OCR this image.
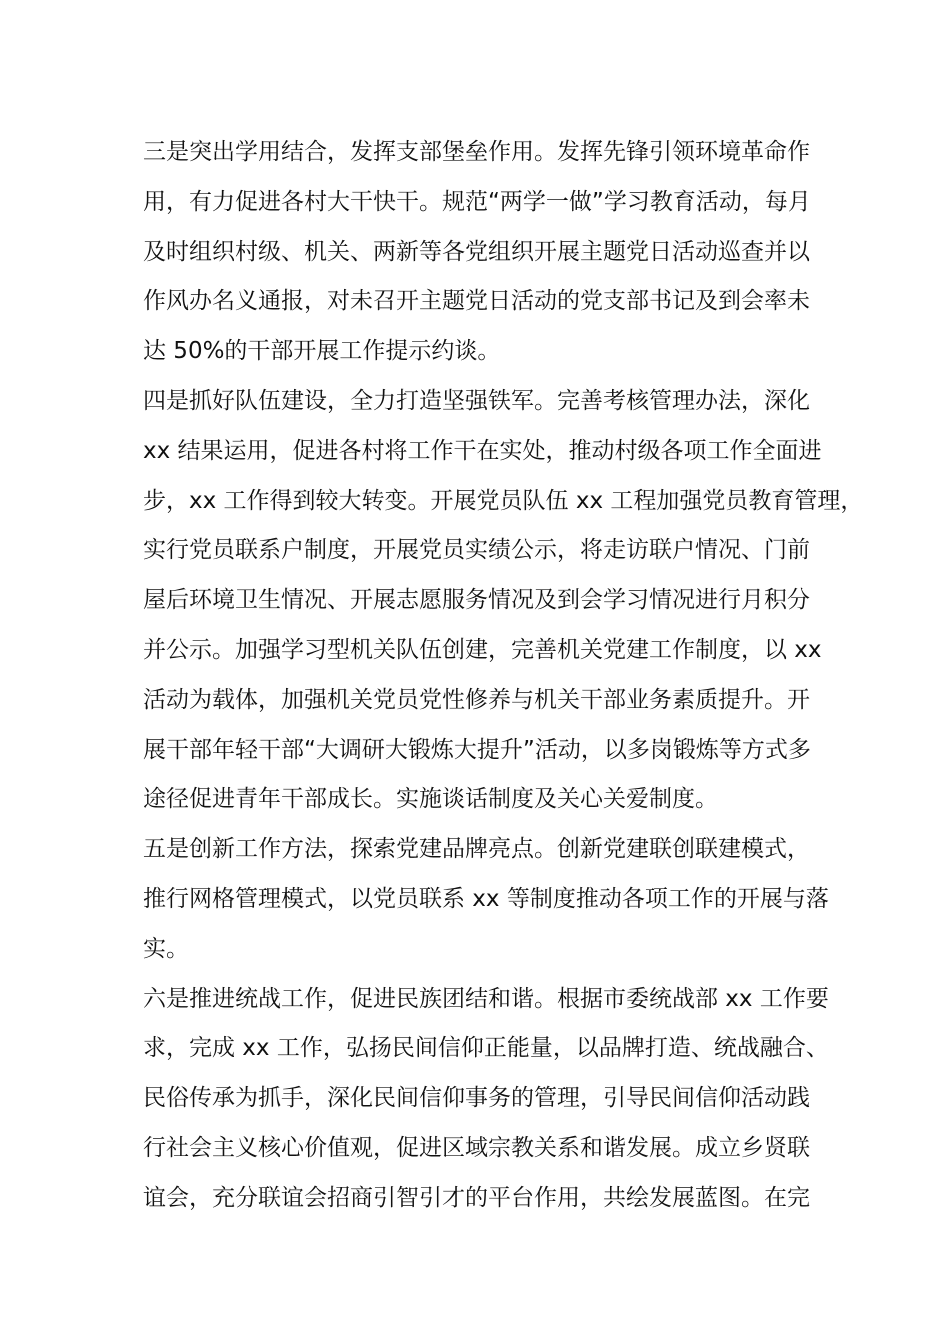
三是突出学用结合，发挥支部堡垒作用。发挥先锋引领环境革命作
用，有力促进各村大干快干。规范“两学一做”学习教育活动，每月
及时组织村级、机关、两新等各党组织开展主题党日活动巡查并以
作风办名义通报，对未召开主题党日活动的党支部书记及到会率未
达 50%的干部开展工作提示约谈。
四是抓好队伍建设，全力打造坚强铁军。完善考核管理办法，深化
xx 结果运用，促进各村将工作干在实处，推动村级各项工作全面进
步，xx 工作得到较大转变。开展党员队伍 xx 工程加强党员教育管理，
实行党员联系户制度，开展党员实绩公示，将走访联户情况、门前
屋后环境卫生情况、开展志愿服务情况及到会学习情况进行月积分
并公示。加强学习型机关队伍创建，完善机关党建工作制度，以 xx
活动为载体，加强机关党员党性修养与机关干部业务素质提升。开
展干部年轻干部“大调研大锻炼大提升”活动，以多岗锻炼等方式多
途径促进青年干部成长。实施谈话制度及关心关爱制度。
五是创新工作方法，探索党建品牌亮点。创新党建联创联建模式，
推行网格管理模式，以党员联系 xx 等制度推动各项工作的开展与落
实。
六是推进统战工作，促进民族团结和谐。根据市委统战部 xx 工作要
求，完成 xx 工作，弘扬民间信仰正能量，以品牌打造、统战融合、
民俗传承为抓手，深化民间信仰事务的管理，引导民间信仰活动践
行社会主义核心价值观，促进区域宗教关系和谐发展。成立乡贤联
谊会，充分联谊会招商引智引才的平台作用，共绘发展蓝图。在完
